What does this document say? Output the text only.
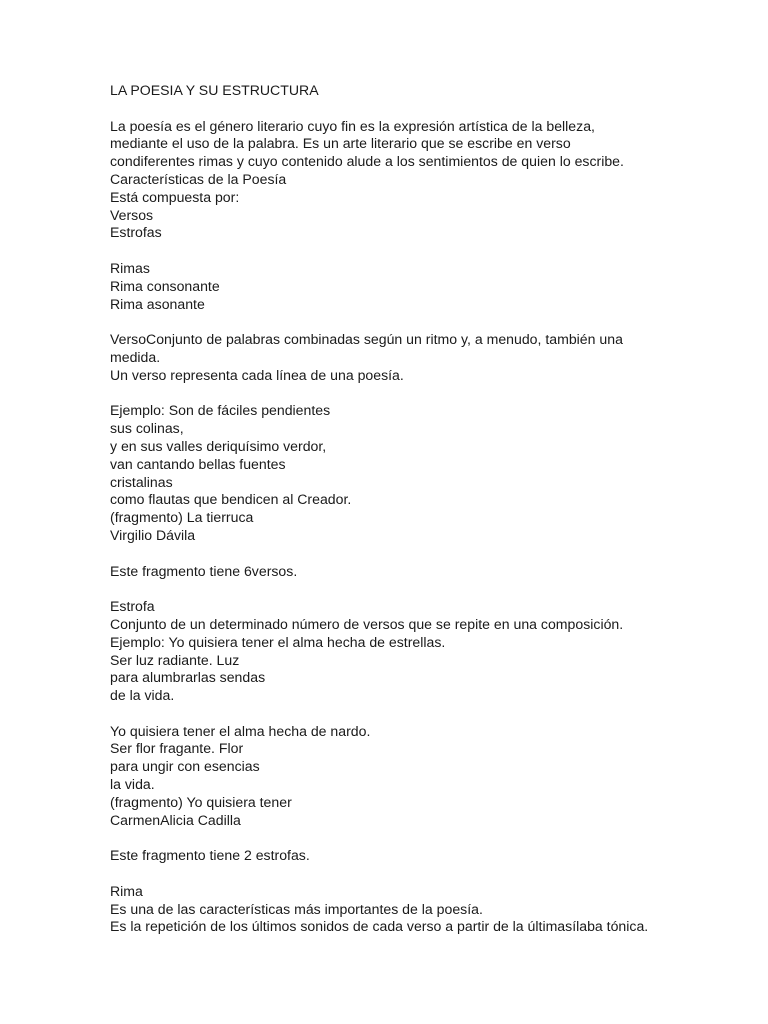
LA POESIA Y SU ESTRUCTURA
La poesía es el género literario cuyo fin es la expresión artística de la belleza,
mediante el uso de la palabra. Es un arte literario que se escribe en verso
condiferentes rimas y cuyo contenido alude a los sentimientos de quien lo escribe.
Características de la Poesía
Está compuesta por:
Versos
Estrofas
Rimas
Rima consonante
Rima asonante
VersoConjunto de palabras combinadas según un ritmo y, a menudo, también una
medida.
Un verso representa cada línea de una poesía.
Ejemplo: Son de fáciles pendientes
sus colinas,
y en sus valles deriquísimo verdor,
van cantando bellas fuentes
cristalinas
como flautas que bendicen al Creador.
(fragmento) La tierruca
Virgilio Dávila
Este fragmento tiene 6versos.
Estrofa
Conjunto de un determinado número de versos que se repite en una composición.
Ejemplo: Yo quisiera tener el alma hecha de estrellas.
Ser luz radiante. Luz
para alumbrarlas sendas
de la vida.
Yo quisiera tener el alma hecha de nardo.
Ser flor fragante. Flor
para ungir con esencias
la vida.
(fragmento) Yo quisiera tener
CarmenAlicia Cadilla
Este fragmento tiene 2 estrofas.
Rima
Es una de las características más importantes de la poesía.
Es la repetición de los últimos sonidos de cada verso a partir de la últimasílaba tónica.
